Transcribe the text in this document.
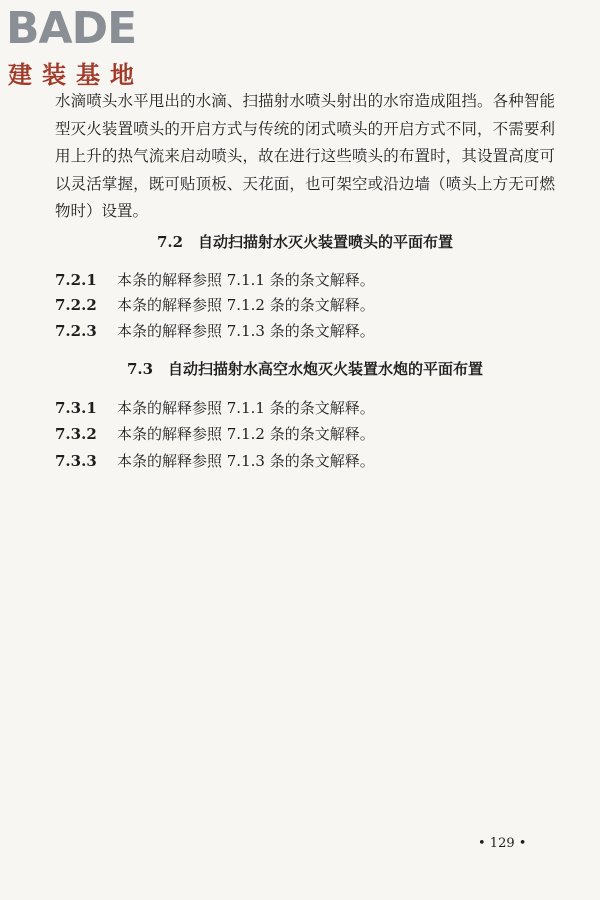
BADE
建装基地

水滴喷头水平甩出的水滴、扫描射水喷头射出的水帘造成阻挡。各种智能型灭火装置喷头的开启方式与传统的闭式喷头的开启方式不同，不需要利用上升的热气流来启动喷头，故在进行这些喷头的布置时，其设置高度可以灵活掌握，既可贴顶板、天花面，也可架空或沿边墙（喷头上方无可燃物时）设置。

7.2　自动扫描射水灭火装置喷头的平面布置
7.2.1 本条的解释参照 7.1.1 条的条文解释。
7.2.2 本条的解释参照 7.1.2 条的条文解释。
7.2.3 本条的解释参照 7.1.3 条的条文解释。
7.3　自动扫描射水高空水炮灭火装置水炮的平面布置
7.3.1 本条的解释参照 7.1.1 条的条文解释。
7.3.2 本条的解释参照 7.1.2 条的条文解释。
7.3.3 本条的解释参照 7.1.3 条的条文解释。
• 129 •
